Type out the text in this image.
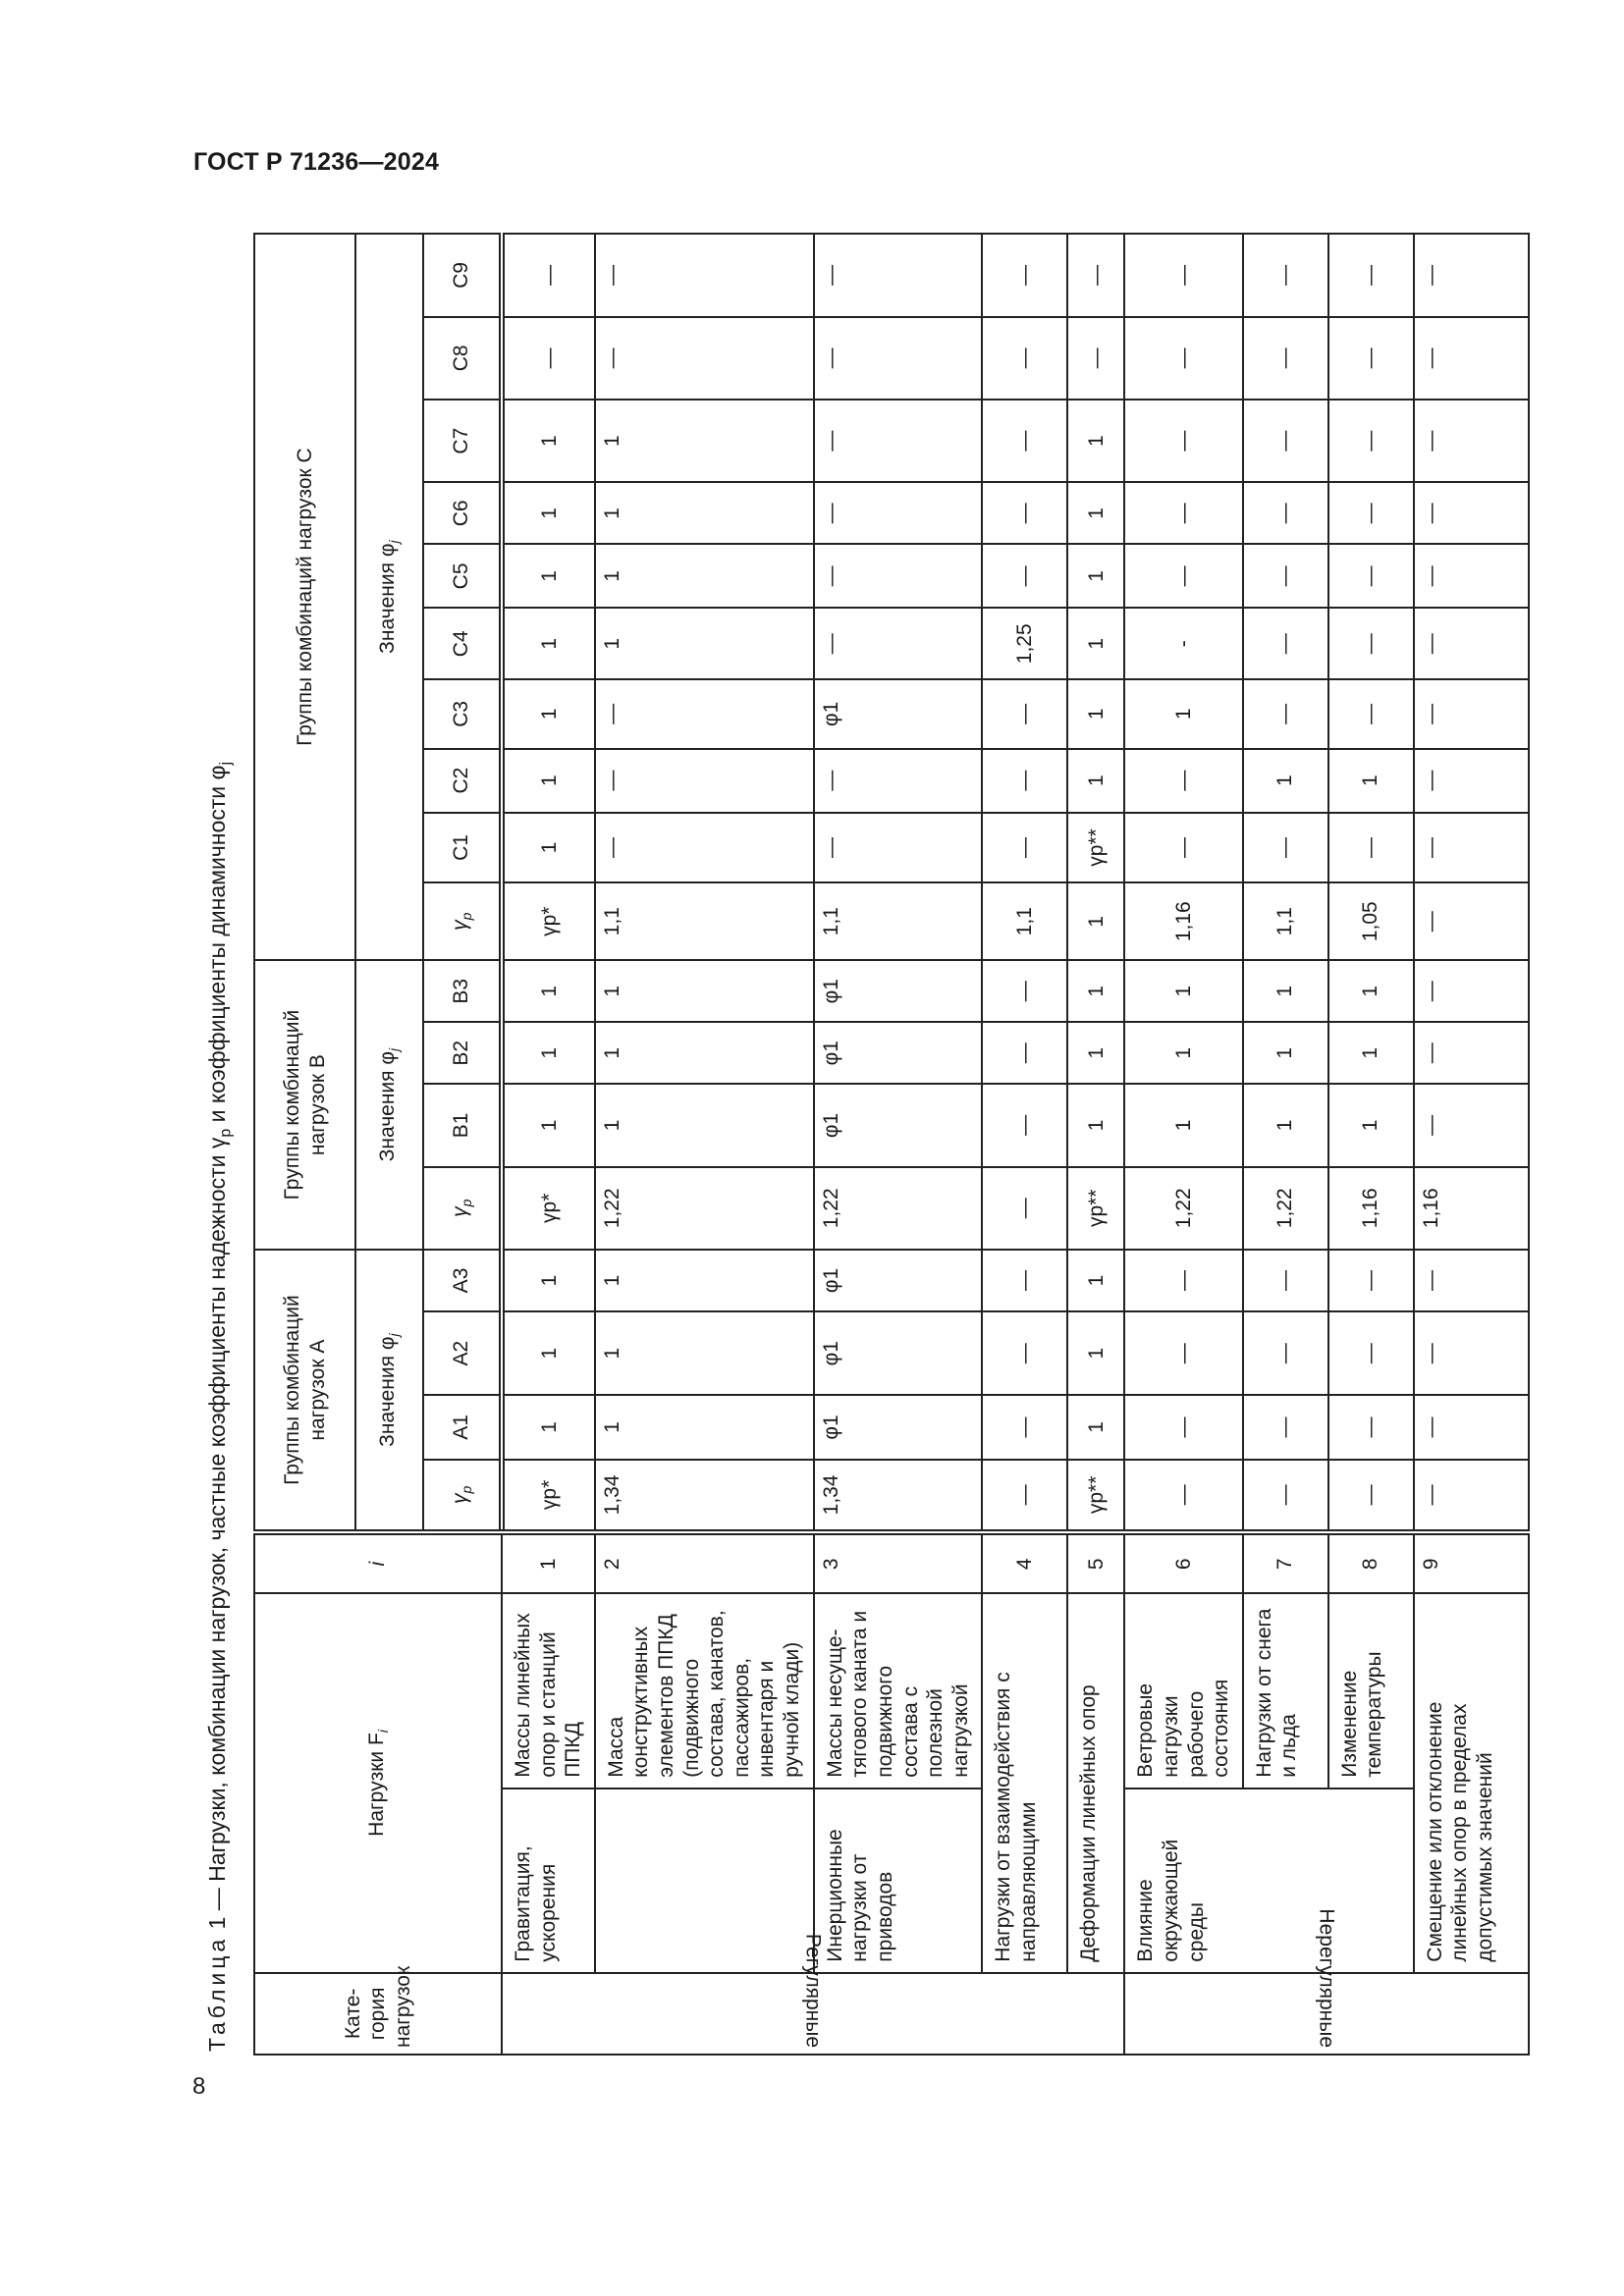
ГОСТ Р 71236—2024
8
Таблица 1 — Нагрузки, комбинации нагрузок, частные коэффициенты надежности $\gamma_р$ и коэффициенты динамичности $\varphi_j$
Кате-
гория
нагрузок	Нагрузки $F_i$		i	Группы комбинаций нагрузок А				Группы комбинаций нагрузок В				Группы комбинаций нагрузок С									
				Значения $\varphi_j$				Значения $\varphi_j$				Значения $\varphi_j$
				$\gamma_р$	А1	А2	А3	$\gamma_р$	В1	В2	В3	$\gamma_р$	С1	С2	С3	С4	С5	С6	С7	С8	С9
Регулярные	Гравитация, ускорения	Массы линейных опор и станций ППКД	1	γр*	1	1	1	γр*	1	1	1	γр*	1	1	1	1	1	1	1	—	—
		Масса конструктивных элементов ППКД (подвижного состава, канатов, пассажиров, инвентаря и ручной клади)	2	1,34	1	1	1	1,22	1	1	1	1,1	—	—	—	1	1	1	1	—	—
	Инерционные нагрузки от приводов	Массы несуще-тягового каната и подвижного состава с полезной нагрузкой	3	1,34	φ1	φ1	φ1	1,22	φ1	φ1	φ1	1,1	—	—	φ1	—	—	—	—	—	—
	Нагрузки от взаимодействия с направляющими		4	—	—	—	—	—	—	—	—	1,1	—	—	—	1,25	—	—	—	—	—
	Деформации линейных опор		5	γр**	1	1	1	γр**	1	1	1	1	γр**	1	1	1	1	1	1	—	—
Нерегулярные	Влияние окружающей среды	Ветровые нагрузки рабочего состояния	6	—	—	—	—	1,22	1	1	1	1,16	—	—	1	-	—	—	—	—	—
		Нагрузки от снега и льда	7	—	—	—	—	1,22	1	1	1	1,1	—	1	—	—	—	—	—	—	—
		Изменение температуры	8	—	—	—	—	1,16	1	1	1	1,05	—	1	—	—	—	—	—	—	—
	Смещение или отклонение линейных опор в пределах допустимых значений		9	—	—	—	—	1,16	—	—	—	—	—	—	—	—	—	—	—	—	—
